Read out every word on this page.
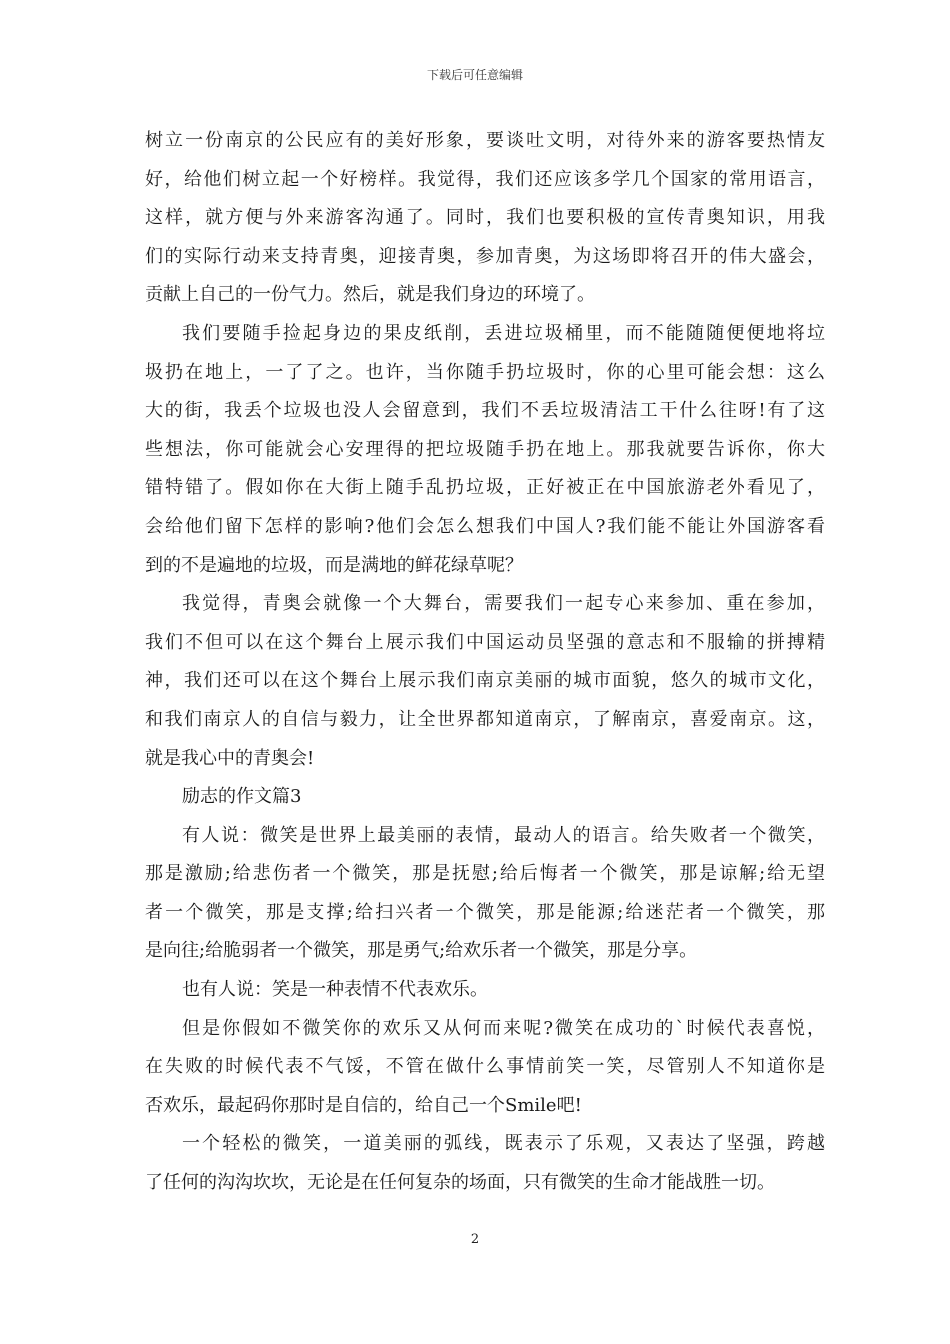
下载后可任意编辑
树立一份南京的公民应有的美好形象，要谈吐文明，对待外来的游客要热情友
好，给他们树立起一个好榜样。我觉得，我们还应该多学几个国家的常用语言，
这样，就方便与外来游客沟通了。同时，我们也要积极的宣传青奥知识，用我
们的实际行动来支持青奥，迎接青奥，参加青奥，为这场即将召开的伟大盛会，
贡献上自己的一份气力。然后，就是我们身边的环境了。
我们要随手捡起身边的果皮纸削，丢进垃圾桶里，而不能随随便便地将垃
圾扔在地上，一了了之。也许，当你随手扔垃圾时，你的心里可能会想：这么
大的街，我丢个垃圾也没人会留意到，我们不丢垃圾清洁工干什么往呀!有了这
些想法，你可能就会心安理得的把垃圾随手扔在地上。那我就要告诉你，你大
错特错了。假如你在大街上随手乱扔垃圾，正好被正在中国旅游老外看见了，
会给他们留下怎样的影响?他们会怎么想我们中国人?我们能不能让外国游客看
到的不是遍地的垃圾，而是满地的鲜花绿草呢？
我觉得，青奥会就像一个大舞台，需要我们一起专心来参加、重在参加，
我们不但可以在这个舞台上展示我们中国运动员坚强的意志和不服输的拼搏精
神，我们还可以在这个舞台上展示我们南京美丽的城市面貌，悠久的城市文化，
和我们南京人的自信与毅力，让全世界都知道南京，了解南京，喜爱南京。这，
就是我心中的青奥会!
励志的作文篇3
有人说：微笑是世界上最美丽的表情，最动人的语言。给失败者一个微笑，
那是激励;给悲伤者一个微笑，那是抚慰;给后悔者一个微笑，那是谅解;给无望
者一个微笑，那是支撑;给扫兴者一个微笑，那是能源;给迷茫者一个微笑，那
是向往;给脆弱者一个微笑，那是勇气;给欢乐者一个微笑，那是分享。
也有人说：笑是一种表情不代表欢乐。
但是你假如不微笑你的欢乐又从何而来呢?微笑在成功的`时候代表喜悦，
在失败的时候代表不气馁，不管在做什么事情前笑一笑，尽管别人不知道你是
否欢乐，最起码你那时是自信的，给自己一个Smile吧!
一个轻松的微笑，一道美丽的弧线，既表示了乐观，又表达了坚强，跨越
了任何的沟沟坎坎，无论是在任何复杂的场面，只有微笑的生命才能战胜一切。
2
